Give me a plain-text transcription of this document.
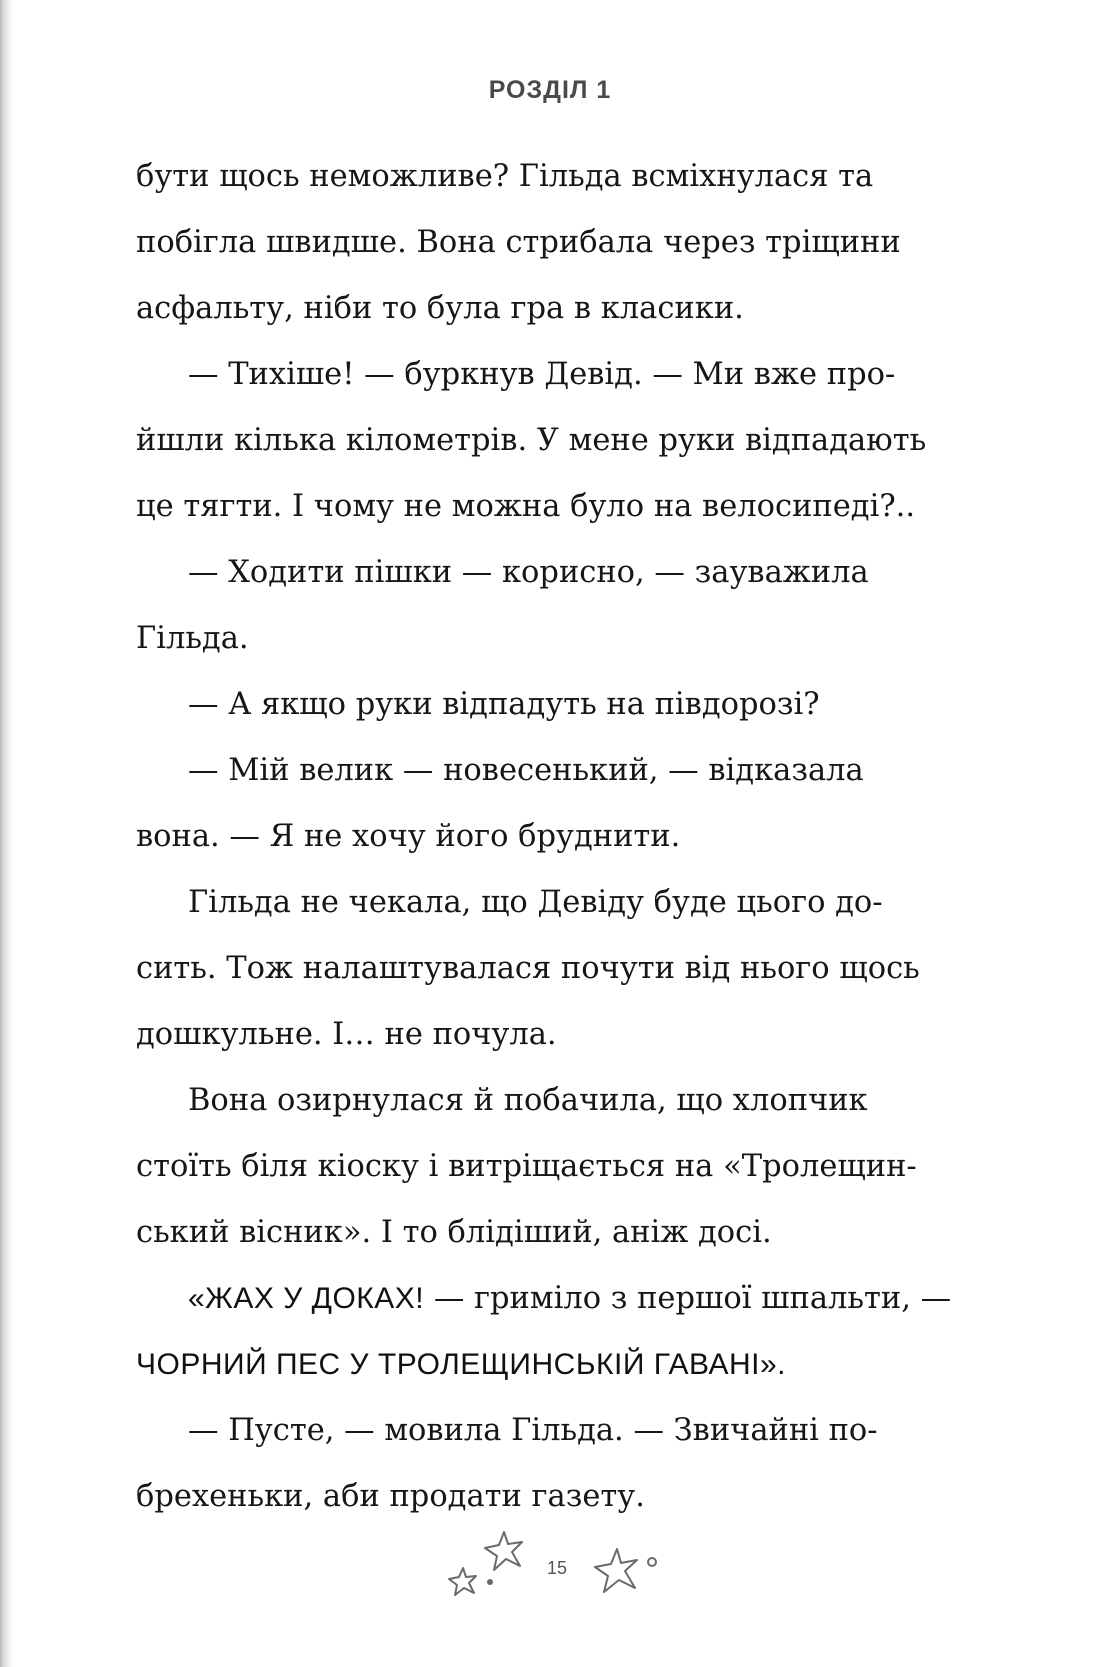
РОЗДІЛ 1
бути щось неможливе? Гільда всміхнулася та
побігла швидше. Вона стрибала через тріщини
асфальту, ніби то була гра в класики.
— Тихіше! — буркнув Девід. — Ми вже про-
йшли кілька кілометрів. У мене руки відпадають
це тягти. І чому не можна було на велосипеді?..
— Ходити пішки — корисно, — зауважила
Гільда.
— А якщо руки відпадуть на півдорозі?
— Мій велик — новесенький, — відказала
вона. — Я не хочу його бруднити.
Гільда не чекала, що Девіду буде цього до-
сить. Тож налаштувалася почути від нього щось
дошкульне. І… не почула.
Вона озирнулася й побачила, що хлопчик
стоїть біля кіоску і витріщається на «Тролещин-
ський вісник». І то блідіший, аніж досі.
«ЖАХ У ДОКАХ! — гриміло з першої шпальти, —
ЧОРНИЙ ПЕС У ТРОЛЕЩИНСЬКІЙ ГАВАНІ».
— Пусте, — мовила Гільда. — Звичайні по-
брехеньки, аби продати газету.
15
